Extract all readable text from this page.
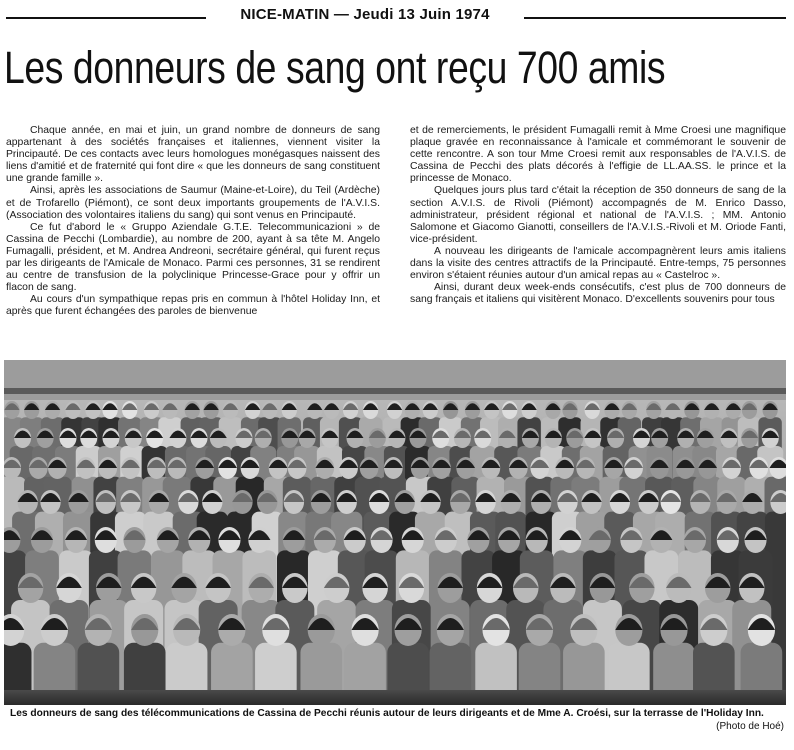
NICE-MATIN — Jeudi 13 Juin 1974
Les donneurs de sang ont reçu 700 amis

Chaque année, en mai et juin, un grand nombre de donneurs de sang appartenant à des sociétés françaises et italiennes, viennent visiter la Principauté. De ces contacts avec leurs homologues monégasques naissent des liens d'amitié et de fraternité qui font dire « que les donneurs de sang constituent une grande famille ».

Ainsi, après les associations de Saumur (Maine-et-Loire), du Teil (Ardèche) et de Trofarello (Piémont), ce sont deux importants groupements de l'A.V.I.S. (Association des volontaires italiens du sang) qui sont venus en Principauté.

Ce fut d'abord le « Gruppo Aziendale G.T.E. Telecommunicazioni » de Cassina de Pecchi (Lombardie), au nombre de 200, ayant à sa tête M. Angelo Fumagalli, président, et M. Andrea Andreoni, secrétaire général, qui furent reçus par les dirigeants de l'Amicale de Monaco. Parmi ces personnes, 31 se rendirent au centre de transfusion de la polyclinique Princesse-Grace pour y offrir un flacon de sang.

Au cours d'un sympathique repas pris en commun à l'hôtel Holiday Inn, et après que furent échangées des paroles de bienvenue

et de remerciements, le président Fumagalli remit à Mme Croesi une magnifique plaque gravée en reconnaissance à l'amicale et commémorant le souvenir de cette rencontre. A son tour Mme Croesi remit aux responsables de l'A.V.I.S. de Cassina de Pecchi des plats décorés à l'effigie de LL.AA.SS. le prince et la princesse de Monaco.

Quelques jours plus tard c'était la réception de 350 donneurs de sang de la section A.V.I.S. de Rivoli (Piémont) accompagnés de M. Enrico Dasso, administrateur, président régional et national de l'A.V.I.S. ; MM. Antonio Salomone et Giacomo Gianotti, conseillers de l'A.V.I.S.-Rivoli et M. Oriode Fanti, vice-président.

A nouveau les dirigeants de l'amicale accompagnèrent leurs amis italiens dans la visite des centres attractifs de la Principauté. Entre-temps, 75 personnes environ s'étaient réunies autour d'un amical repas au « Castelroc ».

Ainsi, durant deux week-ends consécutifs, c'est plus de 700 donneurs de sang français et italiens qui visitèrent Monaco. D'excellents souvenirs pour tous

Les donneurs de sang des télécommunications de Cassina de Pecchi réunis autour de leurs dirigeants et de Mme A. Croési, sur la terrasse de l'Holiday Inn.
(Photo de Hoé)
